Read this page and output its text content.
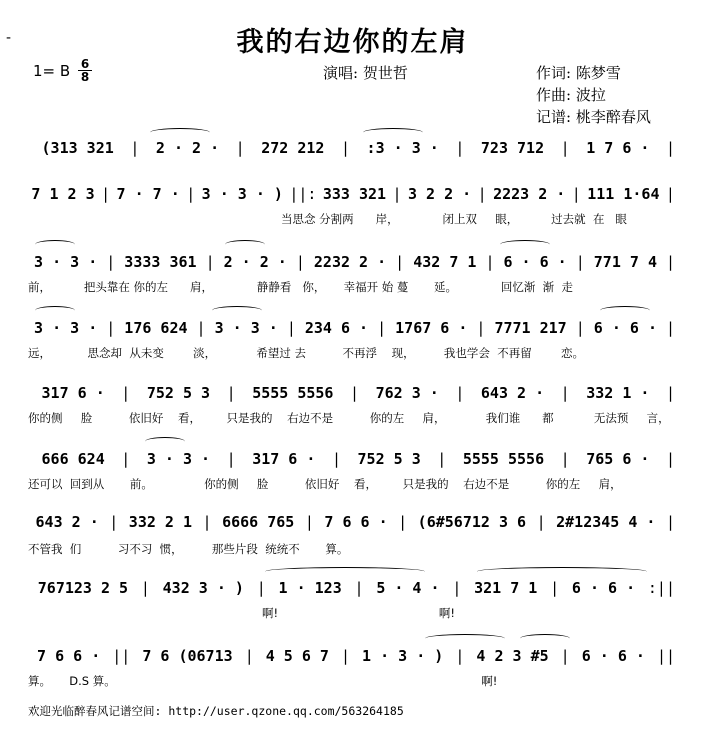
-	我的右边你的左肩
1= B 6
8	演唱: 贺世哲	作词: 陈梦雪
作曲: 波拉
记谱: 桃李醉春风
(313 321	|	2 · 2 ·	|	272 212	|	:3 · 3 ·	|	723 712	|	1 7 6 ·	|
7 1 2 3 | 7 · 7 · | 3 · 3 · ) ||: 333 321 | 3 2 2 · | 2223 2 · | 111 1·64 |
当思念 分割两      岸，            闭上双     眼，         过去就  在   眼
3 · 3 · | 3333 361 | 2 · 2 · | 2232 2 · | 432 7 1 | 6 · 6 · | 771 7 4 |
前，         把头靠在 你的左      肩，            静静看   你，     幸福开 始 蔓       延。            回忆渐  渐  走
3 · 3 · | 176 624 | 3 · 3 · | 234 6 · | 1767 6 · | 7771 217 | 6 · 6 · |
远，          思念却  从未变        淡，           希望过 去          不再浮    现，        我也学会  不再留        恋。
317 6 ·	|	752 5 3	|	5555 5556	|	762 3 ·	|	643 2 ·	|	332 1 ·	|
你的侧     脸          依旧好    看，       只是我的    右边不是          你的左     肩，           我们谁      都           无法预     言，
666 624	|	3 · 3 ·	|	317 6 ·	|	752 5 3	|	5555 5556	|	765 6 ·	|
还可以  回到从       前。              你的侧     脸          依旧好    看，       只是我的    右边不是          你的左     肩，
643 2 · | 332 2 1 | 6666 765 | 7 6 6 · | (6#56712 3 6 | 2#12345 4 · |
不管我  们          习不习  惯，        那些片段  统统不       算。
767123 2 5 | 432 3 · ) | 1 · 123 | 5 · 4 · | 321 7 1 | 6 · 6 · :||
啊!                                            啊!
7 6 6 · || 7 6 (06713 | 4 5 6 7 | 1 · 3 · ) | 4 2 3 #5 | 6 · 6 · ||
算。     D.S 算。                                                                                                    啊!
欢迎光临醉春风记谱空间: http://user.qzone.qq.com/563264185
